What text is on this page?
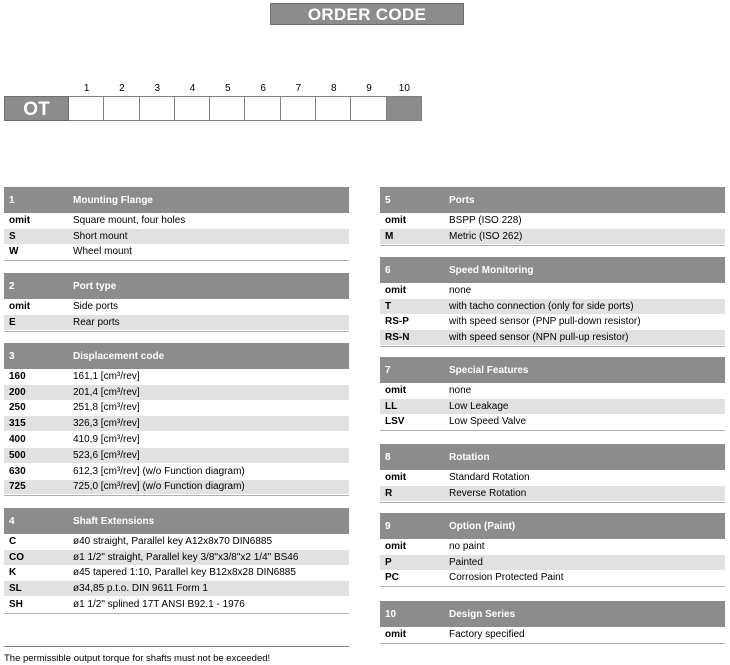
ORDER CODE
1	2	3	4	5	6	7	8	9	10
OT
1	Mounting Flange
omit	Square mount, four holes
S	Short mount
W	Wheel mount
2	Port type
omit	Side ports
E	Rear ports
3	Displacement code
160	161,1 [cm³/rev]
200	201,4 [cm³/rev]
250	251,8 [cm³/rev]
315	326,3 [cm³/rev]
400	410,9 [cm³/rev]
500	523,6 [cm³/rev]
630	612,3 [cm³/rev] (w/o Function diagram)
725	725,0 [cm³/rev] (w/o Function diagram)
4	Shaft Extensions
C	ø40 straight, Parallel key A12x8x70 DIN6885
CO	ø1 1/2" straight, Parallel key 3/8"x3/8"x2 1/4" BS46
K	ø45 tapered 1:10, Parallel key B12x8x28 DIN6885
SL	ø34,85 p.t.o. DIN 9611 Form 1
SH	ø1 1/2" splined 17T ANSI B92.1 - 1976
5	Ports
omit	BSPP (ISO 228)
M	Metric (ISO 262)
6	Speed Monitoring
omit	none
T	with tacho connection (only for side ports)
RS-P	with speed sensor (PNP pull-down resistor)
RS-N	with speed sensor (NPN pull-up resistor)
7	Special Features
omit	none
LL	Low Leakage
LSV	Low Speed Valve
8	Rotation
omit	Standard Rotation
R	Reverse Rotation
9	Option (Paint)
omit	no paint
P	Painted
PC	Corrosion Protected Paint
10	Design Series
omit	Factory specified
The permissible output torque for shafts must not be exceeded!
